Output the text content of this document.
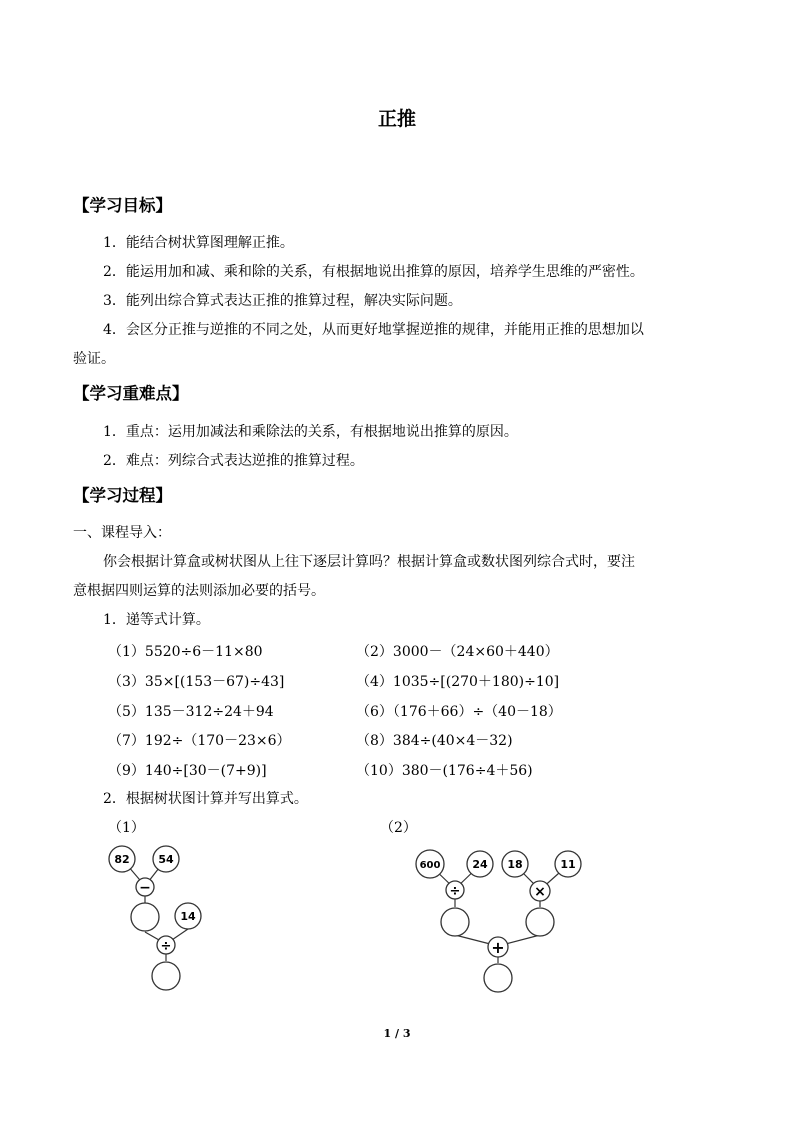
正推
【学习目标】
1．能结合树状算图理解正推。
2．能运用加和减、乘和除的关系，有根据地说出推算的原因，培养学生思维的严密性。
3．能列出综合算式表达正推的推算过程，解决实际问题。
4．会区分正推与逆推的不同之处，从而更好地掌握逆推的规律，并能用正推的思想加以
验证。
【学习重难点】
1．重点：运用加减法和乘除法的关系，有根据地说出推算的原因。
2．难点：列综合式表达逆推的推算过程。
【学习过程】
一、课程导入：
你会根据计算盒或树状图从上往下逐层计算吗？根据计算盒或数状图列综合式时，要注
意根据四则运算的法则添加必要的括号。
1．递等式计算。
（1）5520÷6－11×80	（2）3000－（24×60＋440）
（3）35×[(153－67)÷43]	（4）1035÷[(270＋180)÷10]
（5）135－312÷24＋94	（6）（176＋66）÷（40－18）
（7）192÷（170－23×6）	（8）384÷(40×4－32)
（9）140÷[30－(7+9)]	（10）380－(176÷4＋56)
2．根据树状图计算并写出算式。
（1）
82	54
−
14
÷
（2）
600	24 18	11
÷	×
+
1 / 3
